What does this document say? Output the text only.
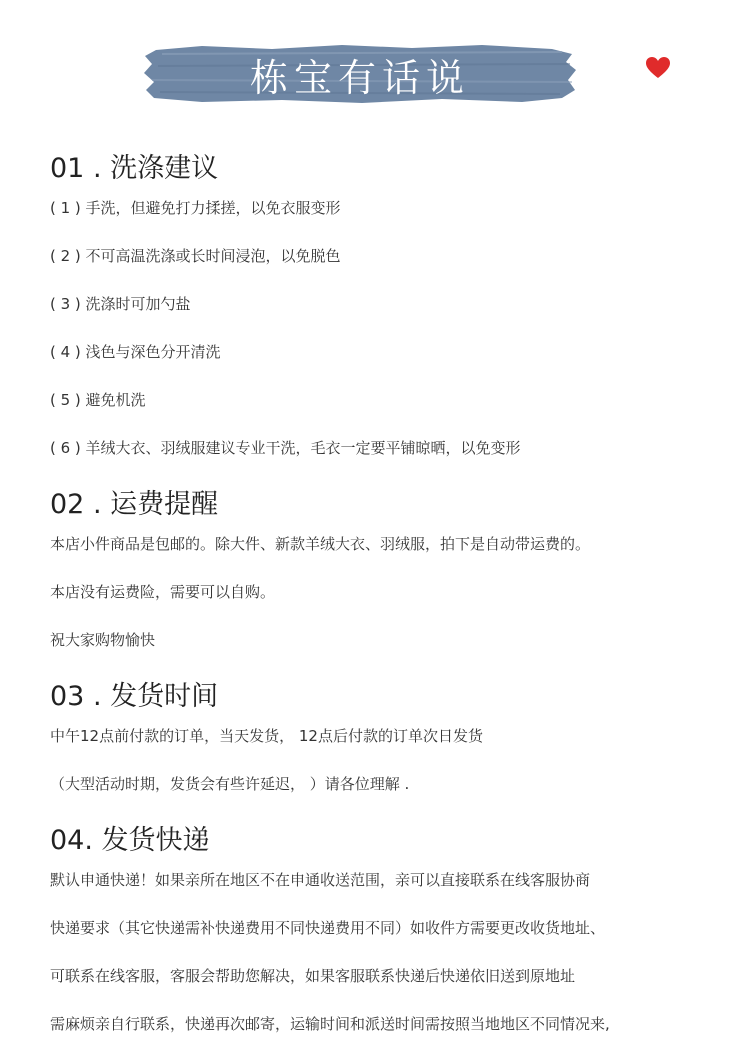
栋宝有话说
01 . 洗涤建议
( 1 ) 手洗，但避免打力揉搓，以免衣服变形
( 2 ) 不可高温洗涤或长时间浸泡，以免脱色
( 3 ) 洗涤时可加勺盐
( 4 ) 浅色与深色分开清洗
( 5 ) 避免机洗
( 6 ) 羊绒大衣、羽绒服建议专业干洗，毛衣一定要平铺晾晒，以免变形
02 . 运费提醒
本店小件商品是包邮的。除大件、新款羊绒大衣、羽绒服，拍下是自动带运费的。
本店没有运费险，需要可以自购。
祝大家购物愉快
03 . 发货时间
中午12点前付款的订单，当天发货， 12点后付款的订单次日发货
（大型活动时期，发货会有些许延迟， ）请各位理解 .
04. 发货快递
默认申通快递！如果亲所在地区不在申通收送范围，亲可以直接联系在线客服协商
快递要求（其它快递需补快递费用不同快递费用不同）如收件方需要更改收货地址、
可联系在线客服，客服会帮助您解决，如果客服联系快递后快递依旧送到原地址
需麻烦亲自行联系，快递再次邮寄，运输时间和派送时间需按照当地地区不同情况来,
